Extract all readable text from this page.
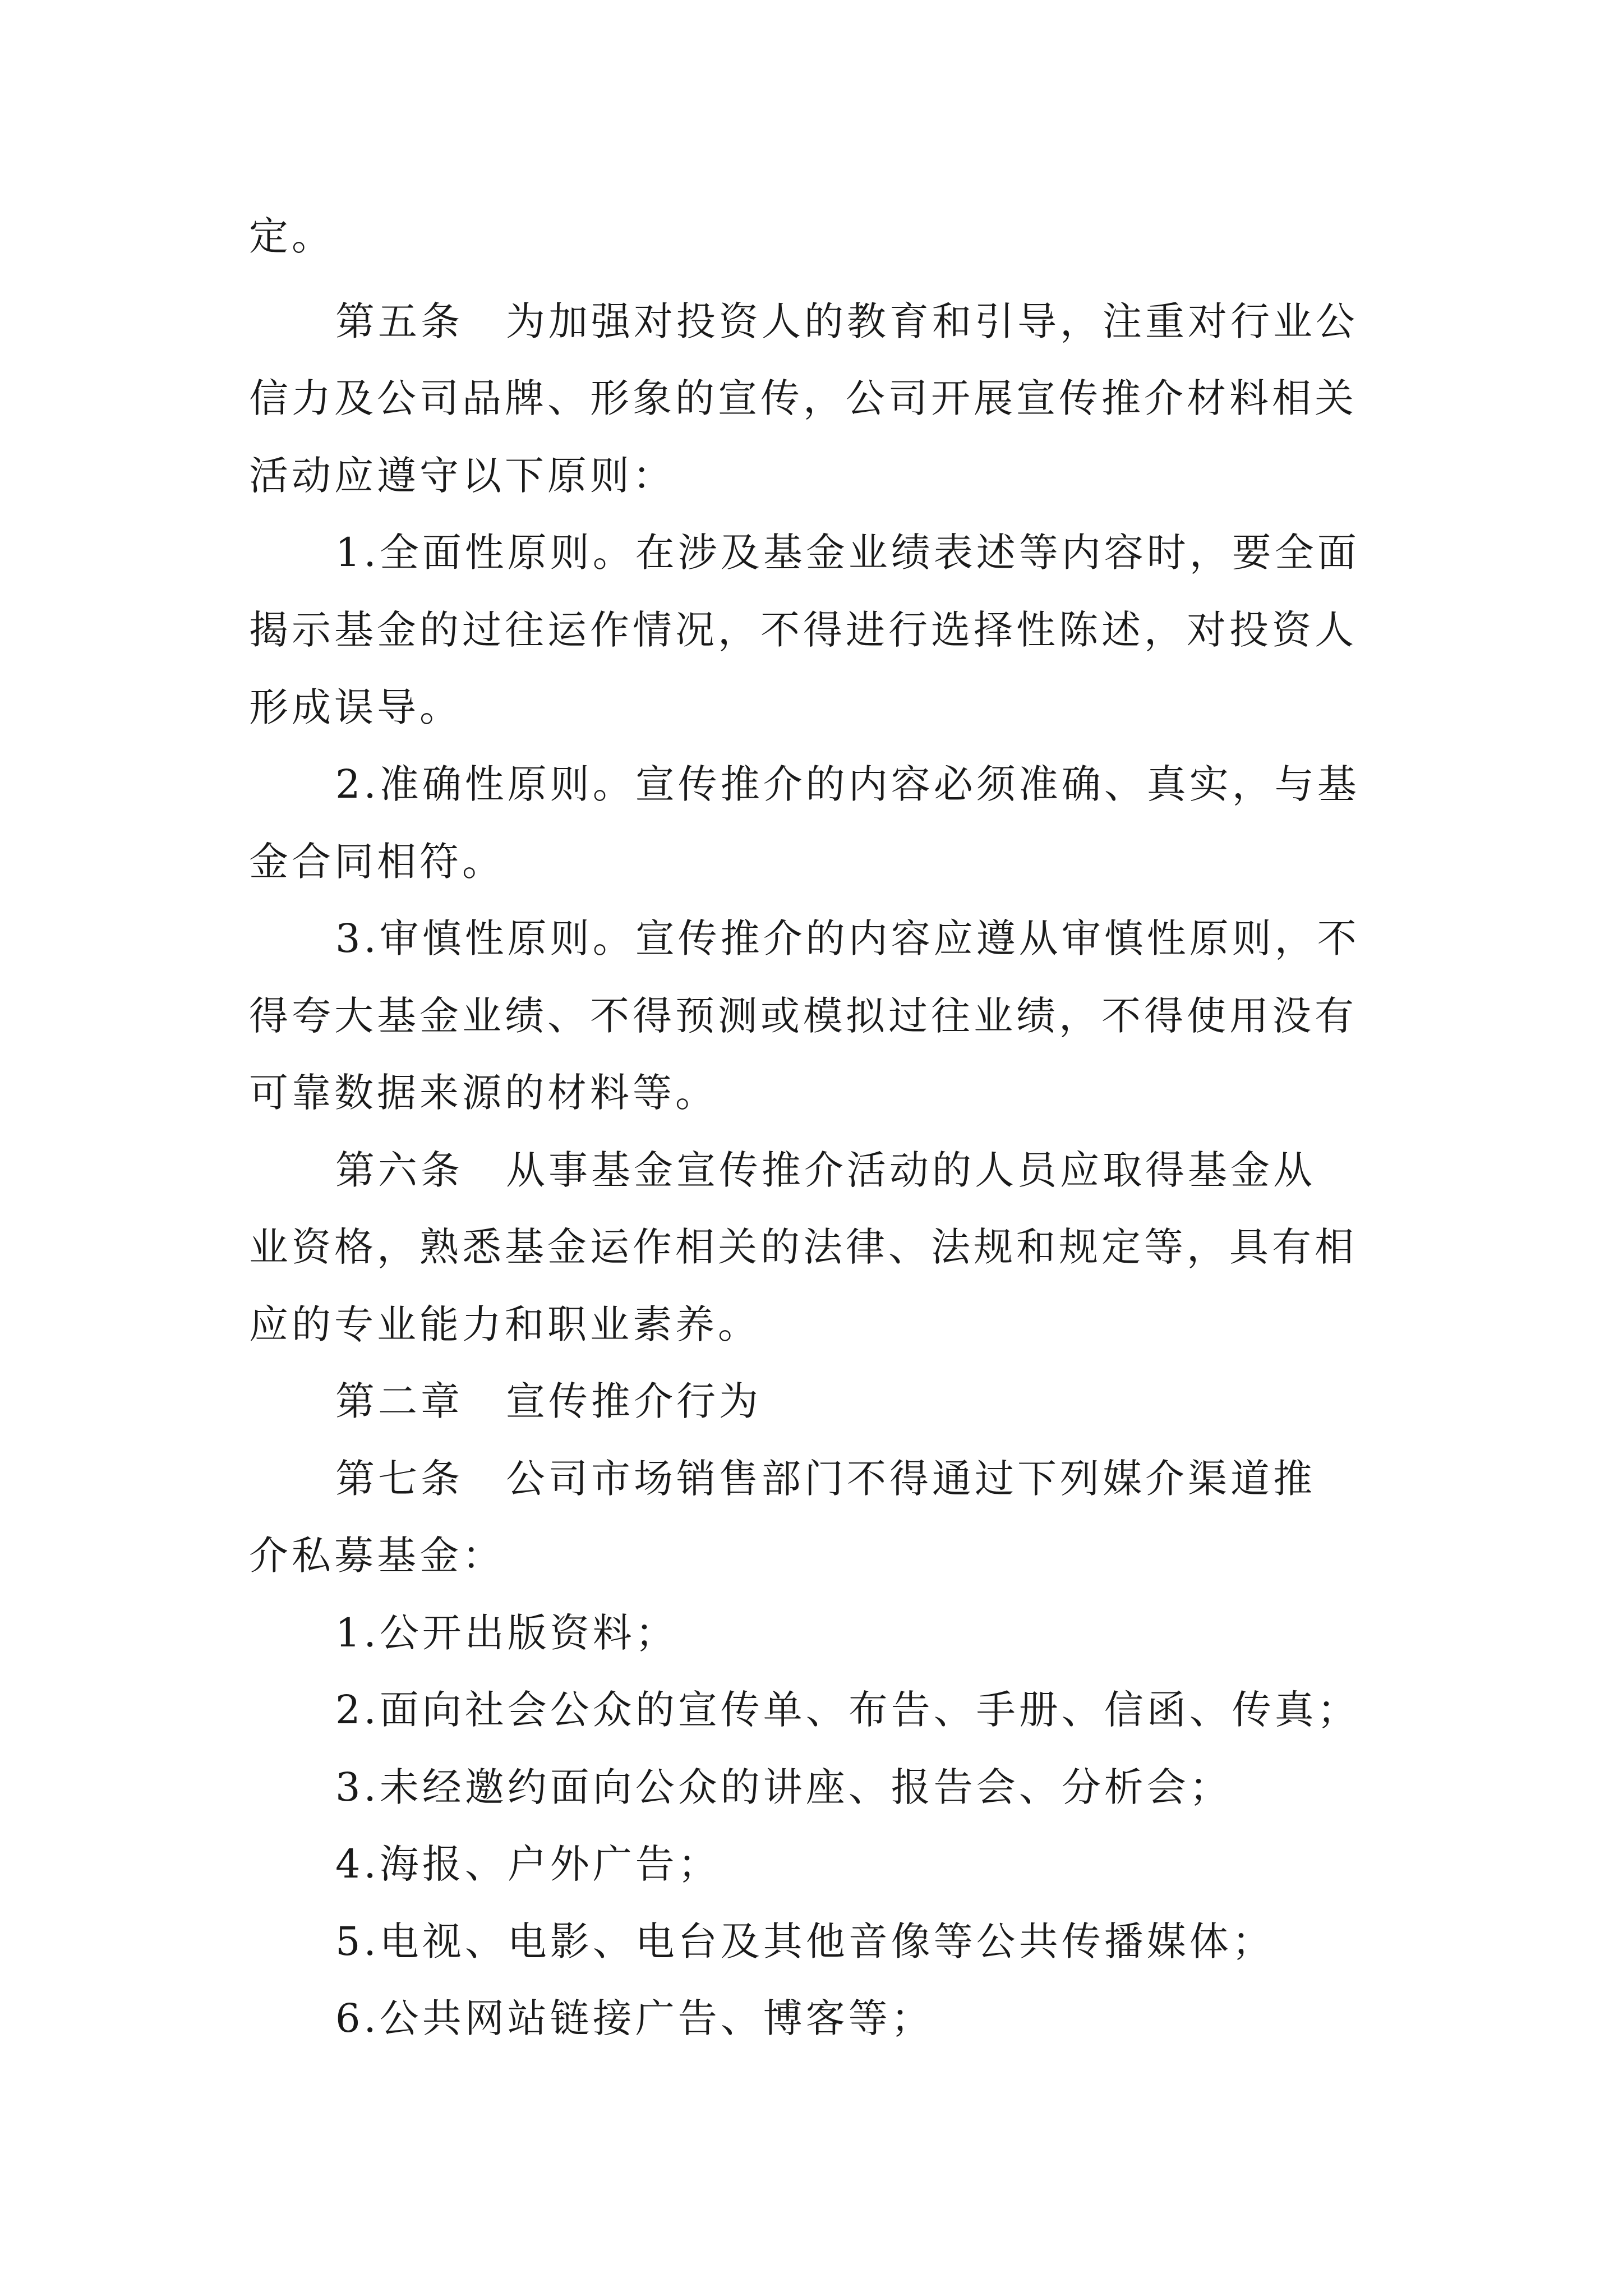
定。
第五条　为加强对投资人的教育和引导，注重对行业公
信力及公司品牌、形象的宣传，公司开展宣传推介材料相关
活动应遵守以下原则：
1.全面性原则。在涉及基金业绩表述等内容时，要全面
揭示基金的过往运作情况，不得进行选择性陈述，对投资人
形成误导。
2.准确性原则。宣传推介的内容必须准确、真实，与基
金合同相符。
3.审慎性原则。宣传推介的内容应遵从审慎性原则，不
得夸大基金业绩、不得预测或模拟过往业绩，不得使用没有
可靠数据来源的材料等。
第六条　从事基金宣传推介活动的人员应取得基金从
业资格，熟悉基金运作相关的法律、法规和规定等，具有相
应的专业能力和职业素养。
第二章　宣传推介行为
第七条　公司市场销售部门不得通过下列媒介渠道推
介私募基金：
1.公开出版资料；
2.面向社会公众的宣传单、布告、手册、信函、传真；
3.未经邀约面向公众的讲座、报告会、分析会；
4.海报、户外广告；
5.电视、电影、电台及其他音像等公共传播媒体；
6.公共网站链接广告、博客等；
